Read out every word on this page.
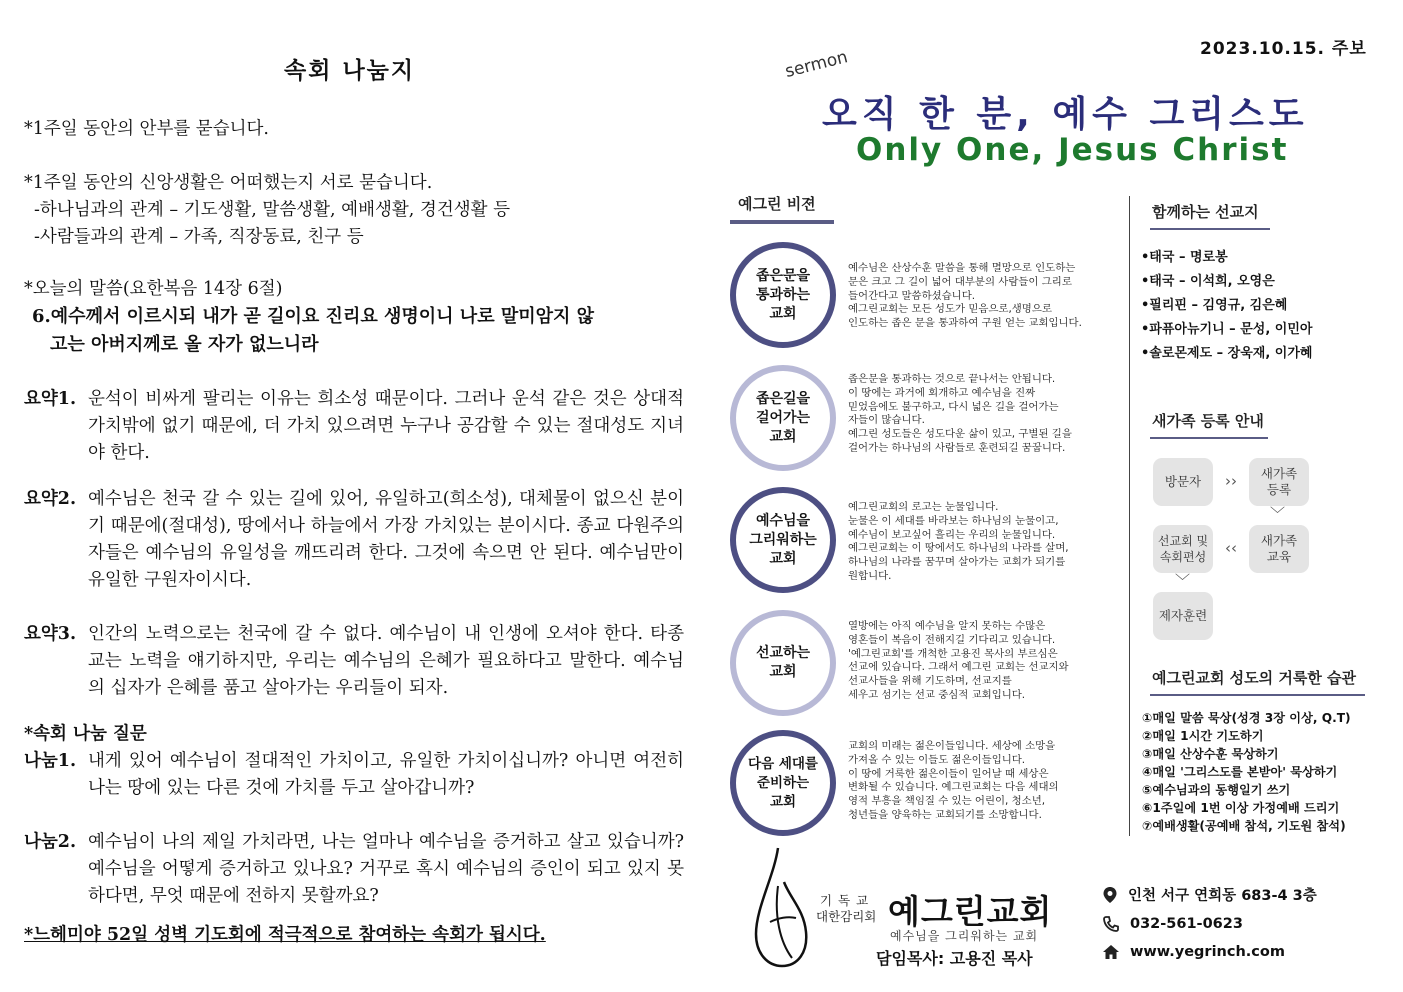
속회 나눔지
*1주일 동안의 안부를 묻습니다.
*1주일 동안의 신앙생활은 어떠했는지 서로 묻습니다.
-하나님과의 관계 – 기도생활, 말씀생활, 예배생활, 경건생활 등
-사람들과의 관계 – 가족, 직장동료, 친구 등
*오늘의 말씀(요한복음 14장 6절)
6.예수께서 이르시되 내가 곧 길이요 진리요 생명이니 나로 말미암지 않
고는 아버지께로 올 자가 없느니라
요약1. 운석이 비싸게 팔리는 이유는 희소성 때문이다. 그러나 운석 같은 것은 상대적 가치밖에 없기 때문에, 더 가치 있으려면 누구나 공감할 수 있는 절대성도 지녀야 한다.
요약2. 예수님은 천국 갈 수 있는 길에 있어, 유일하고(희소성), 대체물이 없으신 분이기 때문에(절대성), 땅에서나 하늘에서 가장 가치있는 분이시다. 종교 다원주의자들은 예수님의 유일성을 깨뜨리려 한다. 그것에 속으면 안 된다. 예수님만이 유일한 구원자이시다.
요약3. 인간의 노력으로는 천국에 갈 수 없다. 예수님이 내 인생에 오셔야 한다. 타종교는 노력을 얘기하지만, 우리는 예수님의 은혜가 필요하다고 말한다. 예수님의 십자가 은혜를 품고 살아가는 우리들이 되자.
*속회 나눔 질문
나눔1. 내게 있어 예수님이 절대적인 가치이고, 유일한 가치이십니까? 아니면 여전히 나는 땅에 있는 다른 것에 가치를 두고 살아갑니까?
나눔2. 예수님이 나의 제일 가치라면, 나는 얼마나 예수님을 증거하고 살고 있습니까? 예수님을 어떻게 증거하고 있나요? 거꾸로 혹시 예수님의 증인이 되고 있지 못하다면, 무엇 때문에 전하지 못할까요?
*느헤미야 52일 성벽 기도회에 적극적으로 참여하는 속회가 됩시다.
2023.10.15. 주보
sermon
오직 한 분, 예수 그리스도
Only One, Jesus Christ
예그린 비젼
좁은문을
통과하는
교회
예수님은 산상수훈 말씀을 통해 멸망으로 인도하는
문은 크고 그 길이 넓어 대부분의 사람들이 그리로
들어간다고 말씀하셨습니다.
예그린교회는 모든 성도가 믿음으로,생명으로
인도하는 좁은 문을 통과하여 구원 얻는 교회입니다.
좁은길을
걸어가는
교회
좁은문을 통과하는 것으로 끝나서는 안됩니다.
이 땅에는 과거에 회개하고 예수님을 진짜
믿었음에도 불구하고, 다시 넓은 길을 걸어가는
자들이 많습니다.
예그린 성도들은 성도다운 삶이 있고, 구별된 길을
걸어가는 하나님의 사람들로 훈련되길 꿈꿉니다.
예수님을
그리워하는
교회
예그린교회의 로고는 눈물입니다.
눈물은 이 세대를 바라보는 하나님의 눈물이고,
예수님이 보고싶어 흘리는 우리의 눈물입니다.
예그린교회는 이 땅에서도 하나님의 나라를 살며,
하나님의 나라를 꿈꾸며 살아가는 교회가 되기를
원합니다.
선교하는
교회
열방에는 아직 예수님을 알지 못하는 수많은
영혼들이 복음이 전해지길 기다리고 있습니다.
'예그린교회'를 개척한 고용진 목사의 부르심은
선교에 있습니다. 그래서 예그린 교회는 선교지와
선교사들을 위해 기도하며, 선교지를
세우고 섬기는 선교 중심적 교회입니다.
다음 세대를
준비하는
교회
교회의 미래는 젊은이들입니다. 세상에 소망을
가져올 수 있는 이들도 젊은이들입니다.
이 땅에 거룩한 젊은이들이 일어날 때 세상은
변화될 수 있습니다. 예그린교회는 다음 세대의
영적 부흥을 책임질 수 있는 어린이, 청소년,
청년들을 양육하는 교회되기를 소망합니다.
함께하는 선교지
•태국 – 명로봉
•태국 – 이석희, 오영은
•필리핀 – 김영규, 김은혜
•파퓨아뉴기니 – 문성, 이민아
•솔로몬제도 – 장욱재, 이가혜
새가족 등록 안내
방문자 ›› 새가족
등록
﹀
새가족
교육
‹‹
선교회 및
속회편성
﹀
제자훈련
예그린교회 성도의 거룩한 습관
①매일 말씀 묵상(성경 3장 이상, Q.T)
②매일 1시간 기도하기
③매일 산상수훈 묵상하기
④매일 '그리스도를 본받아' 묵상하기
⑤예수님과의 동행일기 쓰기
⑥1주일에 1번 이상 가정예배 드리기
⑦예배생활(공예배 참석, 기도원 참석)
기독교
대한감리회 예그린교회
예수님을 그리워하는 교회
담임목사: 고용진 목사
인천 서구 연희동 683-4 3층
032-561-0623
www.yegrinch.com
